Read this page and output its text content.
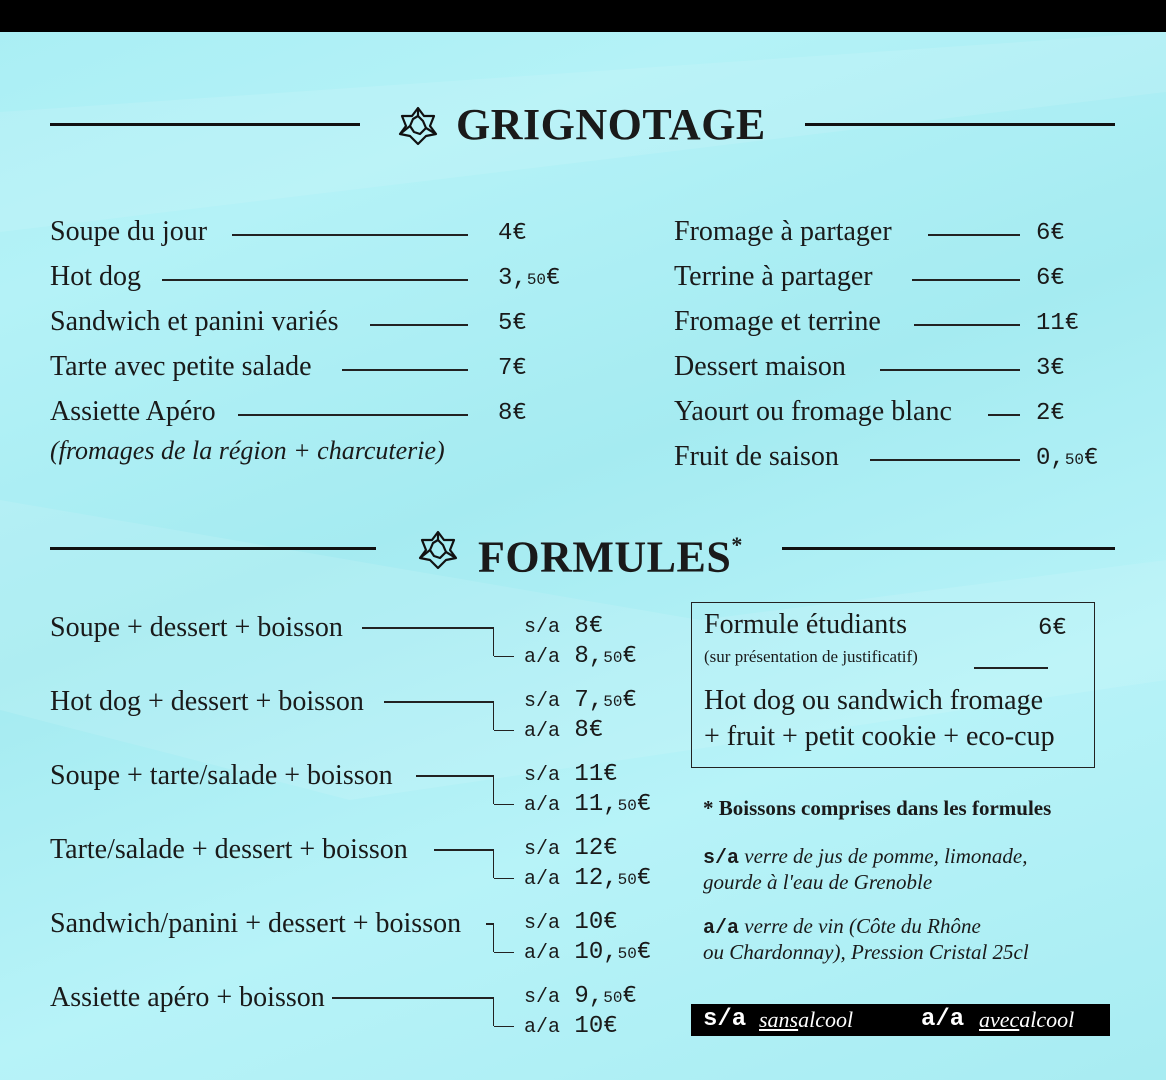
GRIGNOTAGE
Soupe du jour	4€
Hot dog	3,50€
Sandwich et panini variés	5€
Tarte avec petite salade	7€
Assiette Apéro	8€
(fromages de la région + charcuterie)
Fromage à partager	6€
Terrine à partager	6€
Fromage et terrine	11€
Dessert maison	3€
Yaourt ou fromage blanc	2€
Fruit de saison	0,50€
FORMULES*
Soupe + dessert + boisson	s/a 8€
a/a 8,50€
Hot dog + dessert + boisson	s/a 7,50€
a/a 8€
Soupe + tarte/salade + boisson	s/a 11€
a/a 11,50€
Tarte/salade + dessert + boisson	s/a 12€
a/a 12,50€
Sandwich/panini + dessert + boisson	s/a 10€
a/a 10,50€
Assiette apéro + boisson	s/a 9,50€
a/a 10€
Formule étudiants	6€
(sur présentation de justificatif)
Hot dog ou sandwich fromage
+ fruit + petit cookie + eco-cup
* Boissons comprises dans les formules
s/a verre de jus de pomme, limonade,
gourde à l'eau de Grenoble
a/a verre de vin (Côte du Rhône
ou Chardonnay), Pression Cristal 25cl
s/a sans alcool	a/a avec alcool
